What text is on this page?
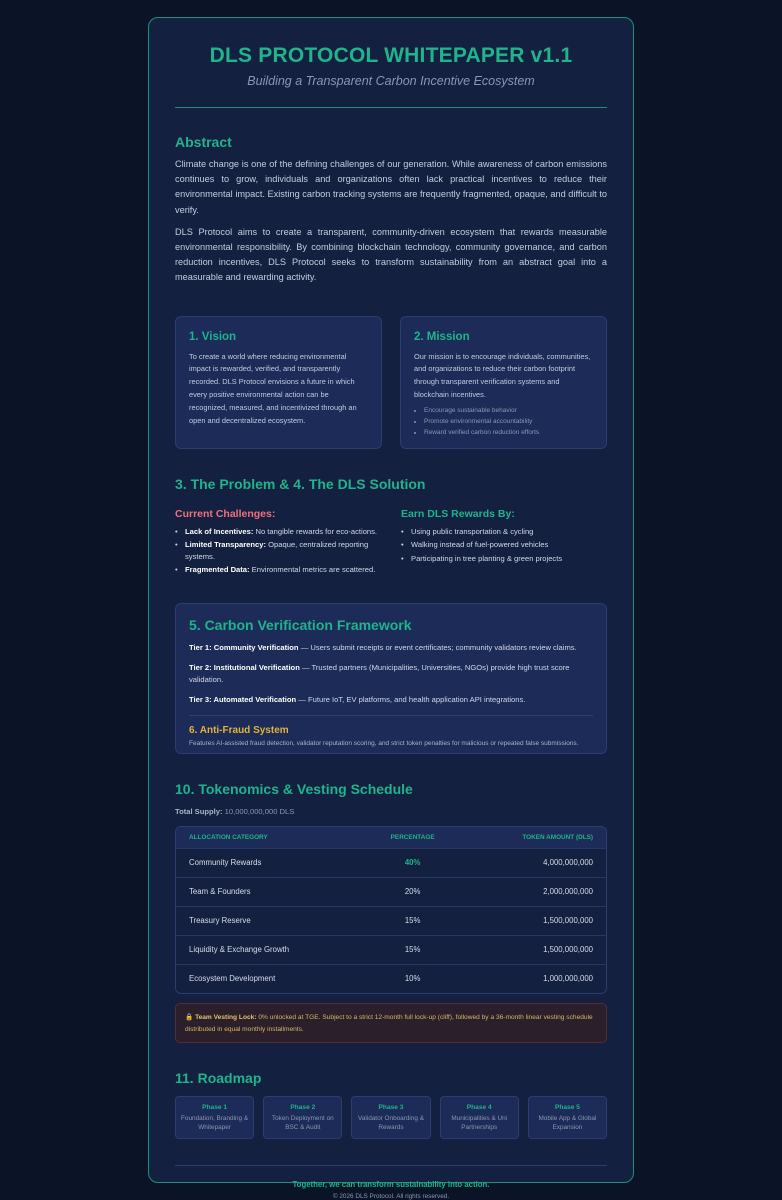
DLS PROTOCOL WHITEPAPER v1.1
Building a Transparent Carbon Incentive Ecosystem
Abstract

Climate change is one of the defining challenges of our generation. While awareness of carbon emissions continues to grow, individuals and organizations often lack practical incentives to reduce their environmental impact. Existing carbon tracking systems are frequently fragmented, opaque, and difficult to verify.

DLS Protocol aims to create a transparent, community-driven ecosystem that rewards measurable environmental responsibility. By combining blockchain technology, community governance, and carbon reduction incentives, DLS Protocol seeks to transform sustainability from an abstract goal into a measurable and rewarding activity.

1. Vision

To create a world where reducing environmental impact is rewarded, verified, and transparently recorded. DLS Protocol envisions a future in which every positive environmental action can be recognized, measured, and incentivized through an open and decentralized ecosystem.

2. Mission

Our mission is to encourage individuals, communities, and organizations to reduce their carbon footprint through transparent verification systems and blockchain incentives.

• Encourage sustainable behavior
• Promote environmental accountability
• Reward verified carbon reduction efforts
3. The Problem & 4. The DLS Solution
Current Challenges:
• Lack of Incentives: No tangible rewards for eco-actions.
• Limited Transparency: Opaque, centralized reporting systems.
• Fragmented Data: Environmental metrics are scattered.
Earn DLS Rewards By:
• Using public transportation & cycling
• Walking instead of fuel-powered vehicles
• Participating in tree planting & green projects
5. Carbon Verification Framework
Tier 1: Community Verification — Users submit receipts or event certificates; community validators review claims.
Tier 2: Institutional Verification — Trusted partners (Municipalities, Universities, NGOs) provide high trust score validation.
Tier 3: Automated Verification — Future IoT, EV platforms, and health application API integrations.
6. Anti-Fraud System
Features AI-assisted fraud detection, validator reputation scoring, and strict token penalties for malicious or repeated false submissions.
10. Tokenomics & Vesting Schedule
Total Supply: 10,000,000,000 DLS
ALLOCATION CATEGORY	PERCENTAGE	TOKEN AMOUNT (DLS)
Community Rewards	40%	4,000,000,000
Team & Founders	20%	2,000,000,000
Treasury Reserve	15%	1,500,000,000
Liquidity & Exchange Growth	15%	1,500,000,000
Ecosystem Development	10%	1,000,000,000
🔒 Team Vesting Lock: 0% unlocked at TGE. Subject to a strict 12-month full lock-up (cliff), followed by a 36-month linear vesting schedule distributed in equal monthly installments.
11. Roadmap
Phase 1
Foundation, Branding & Whitepaper
Phase 2
Token Deployment on BSC & Audit
Phase 3
Validator Onboarding & Rewards
Phase 4
Municipalities & Uni Partnerships
Phase 5
Mobile App & Global Expansion
Together, we can transform sustainability into action.
© 2026 DLS Protocol. All rights reserved.
